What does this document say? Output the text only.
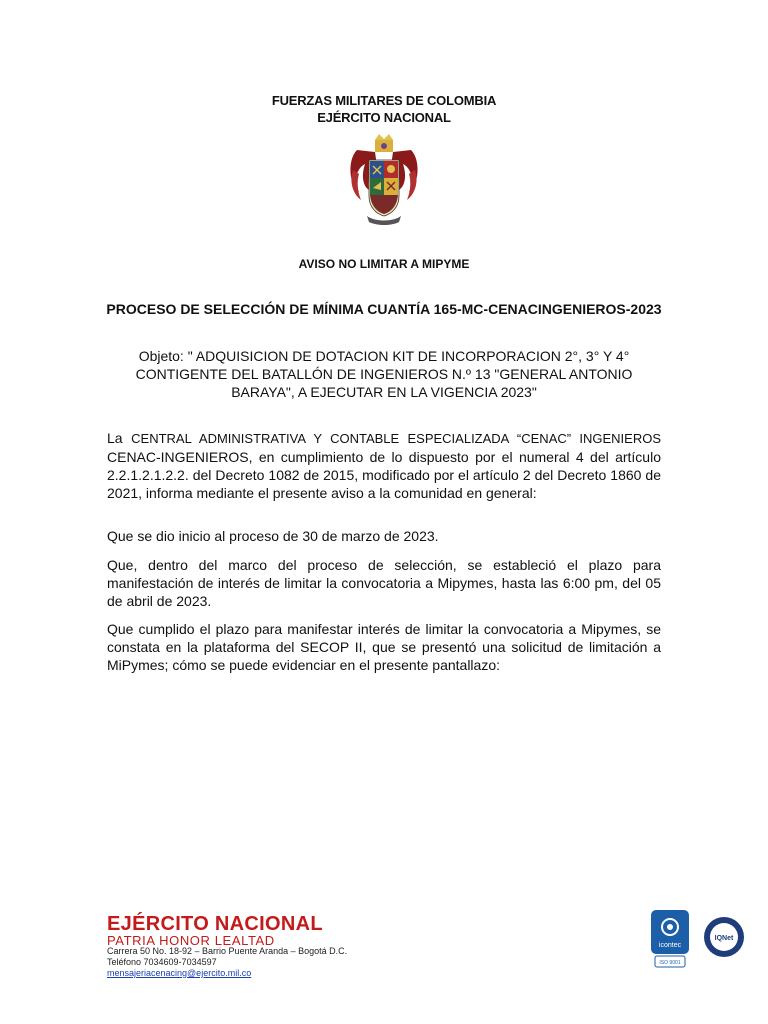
FUERZAS MILITARES DE COLOMBIA
EJÉRCITO NACIONAL
AVISO NO LIMITAR A MIPYME
PROCESO DE SELECCIÓN DE MÍNIMA CUANTÍA 165-MC-CENACINGENIEROS-2023
Objeto: " ADQUISICION DE DOTACION KIT DE INCORPORACION 2°, 3° Y 4° CONTIGENTE DEL BATALLÓN DE INGENIEROS N.º 13 "GENERAL ANTONIO BARAYA", A EJECUTAR EN LA VIGENCIA 2023"
La CENTRAL ADMINISTRATIVA Y CONTABLE ESPECIALIZADA “CENAC” INGENIEROS CENAC-INGENIEROS, en cumplimiento de lo dispuesto por el numeral 4 del artículo 2.2.1.2.1.2.2. del Decreto 1082 de 2015, modificado por el artículo 2 del Decreto 1860 de 2021, informa mediante el presente aviso a la comunidad en general:
Que se dio inicio al proceso de 30 de marzo de 2023.
Que, dentro del marco del proceso de selección, se estableció el plazo para manifestación de interés de limitar la convocatoria a Mipymes, hasta las 6:00 pm, del 05 de abril de 2023.
Que cumplido el plazo para manifestar interés de limitar la convocatoria a Mipymes, se constata en la plataforma del SECOP II, que se presentó una solicitud de limitación a MiPymes; cómo se puede evidenciar en el presente pantallazo:
EJÉRCITO NACIONAL
PATRIA HONOR LEALTAD
Carrera 50 No. 18-92 – Barrio Puente Aranda – Bogotá D.C.
Teléfono 7034609-7034597
mensajeriacenacing@ejercito.mil.co
icontec
ISO 9001
IQNet
